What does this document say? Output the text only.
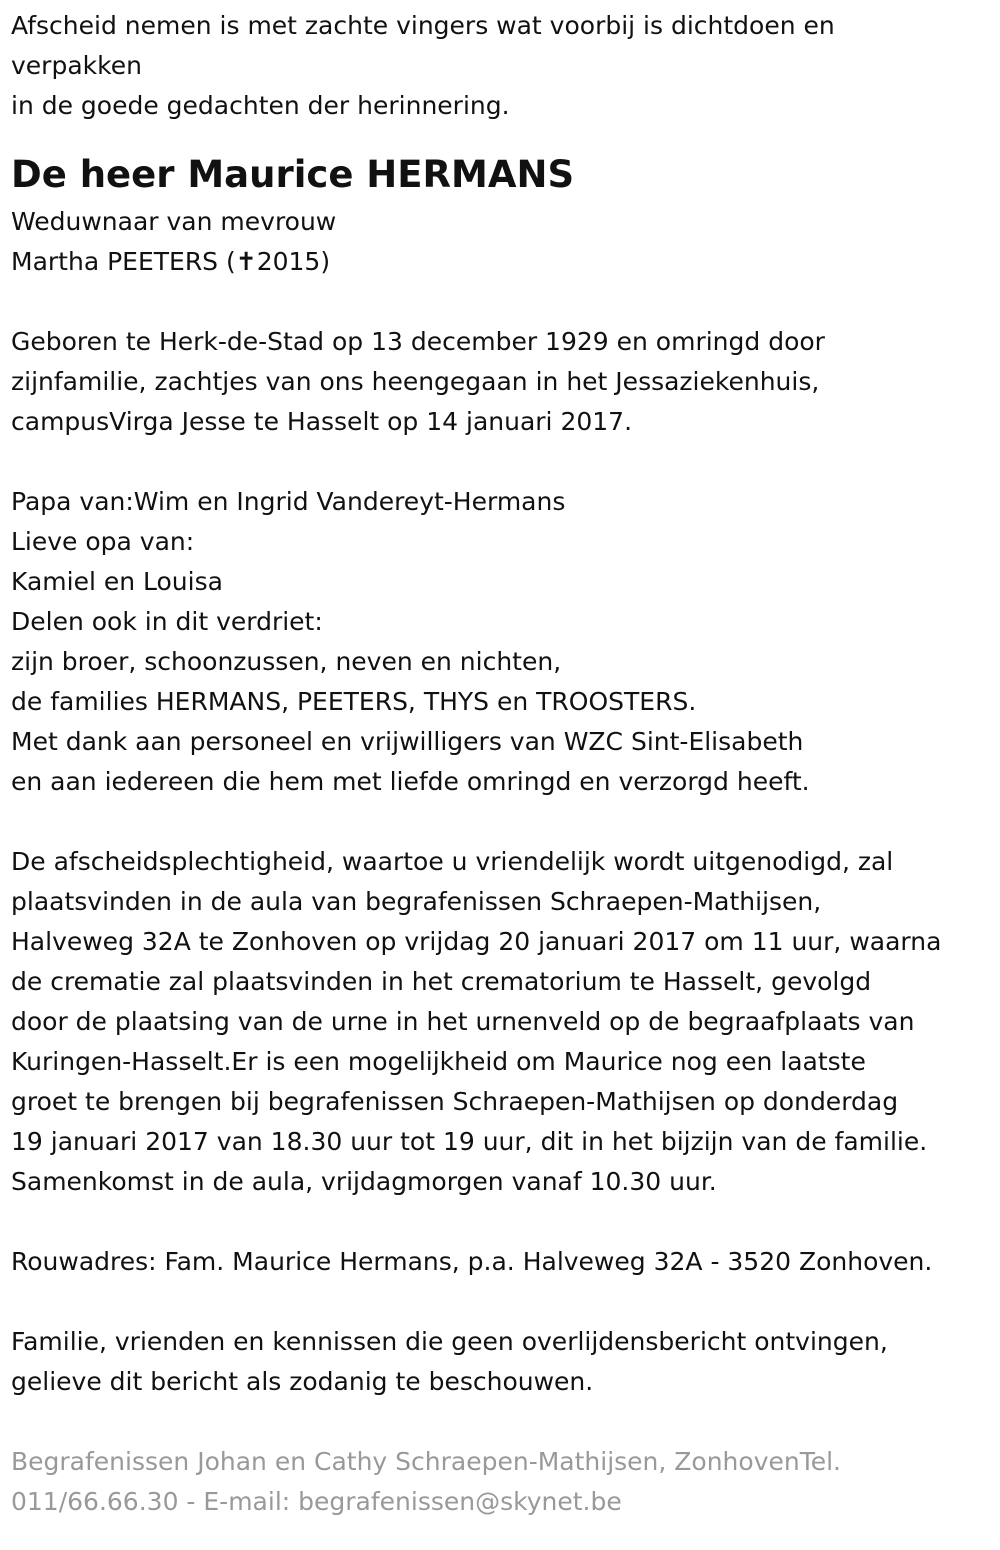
Afscheid nemen is met zachte vingers wat voorbij is dichtdoen en
verpakken
in de goede gedachten der herinnering.
De heer Maurice HERMANS
Weduwnaar van mevrouw
Martha PEETERS (✝2015)
Geboren te Herk-de-Stad op 13 december 1929 en omringd door
zijnfamilie, zachtjes van ons heengegaan in het Jessaziekenhuis,
campusVirga Jesse te Hasselt op 14 januari 2017.
Papa van:Wim en Ingrid Vandereyt-Hermans
Lieve opa van:
Kamiel en Louisa
Delen ook in dit verdriet:
zijn broer, schoonzussen, neven en nichten,
de families HERMANS, PEETERS, THYS en TROOSTERS.
Met dank aan personeel en vrijwilligers van WZC Sint-Elisabeth
en aan iedereen die hem met liefde omringd en verzorgd heeft.
De afscheidsplechtigheid, waartoe u vriendelijk wordt uitgenodigd, zal
plaatsvinden in de aula van begrafenissen Schraepen-Mathijsen,
Halveweg 32A te Zonhoven op vrijdag 20 januari 2017 om 11 uur, waarna
de crematie zal plaatsvinden in het crematorium te Hasselt, gevolgd
door de plaatsing van de urne in het urnenveld op de begraafplaats van
Kuringen-Hasselt.Er is een mogelijkheid om Maurice nog een laatste
groet te brengen bij begrafenissen Schraepen-Mathijsen op donderdag
19 januari 2017 van 18.30 uur tot 19 uur, dit in het bijzijn van de familie.
Samenkomst in de aula, vrijdagmorgen vanaf 10.30 uur.
Rouwadres: Fam. Maurice Hermans, p.a. Halveweg 32A - 3520 Zonhoven.
Familie, vrienden en kennissen die geen overlijdensbericht ontvingen,
gelieve dit bericht als zodanig te beschouwen.
Begrafenissen Johan en Cathy Schraepen-Mathijsen, ZonhovenTel.
011/66.66.30 - E-mail: begrafenissen@skynet.be
